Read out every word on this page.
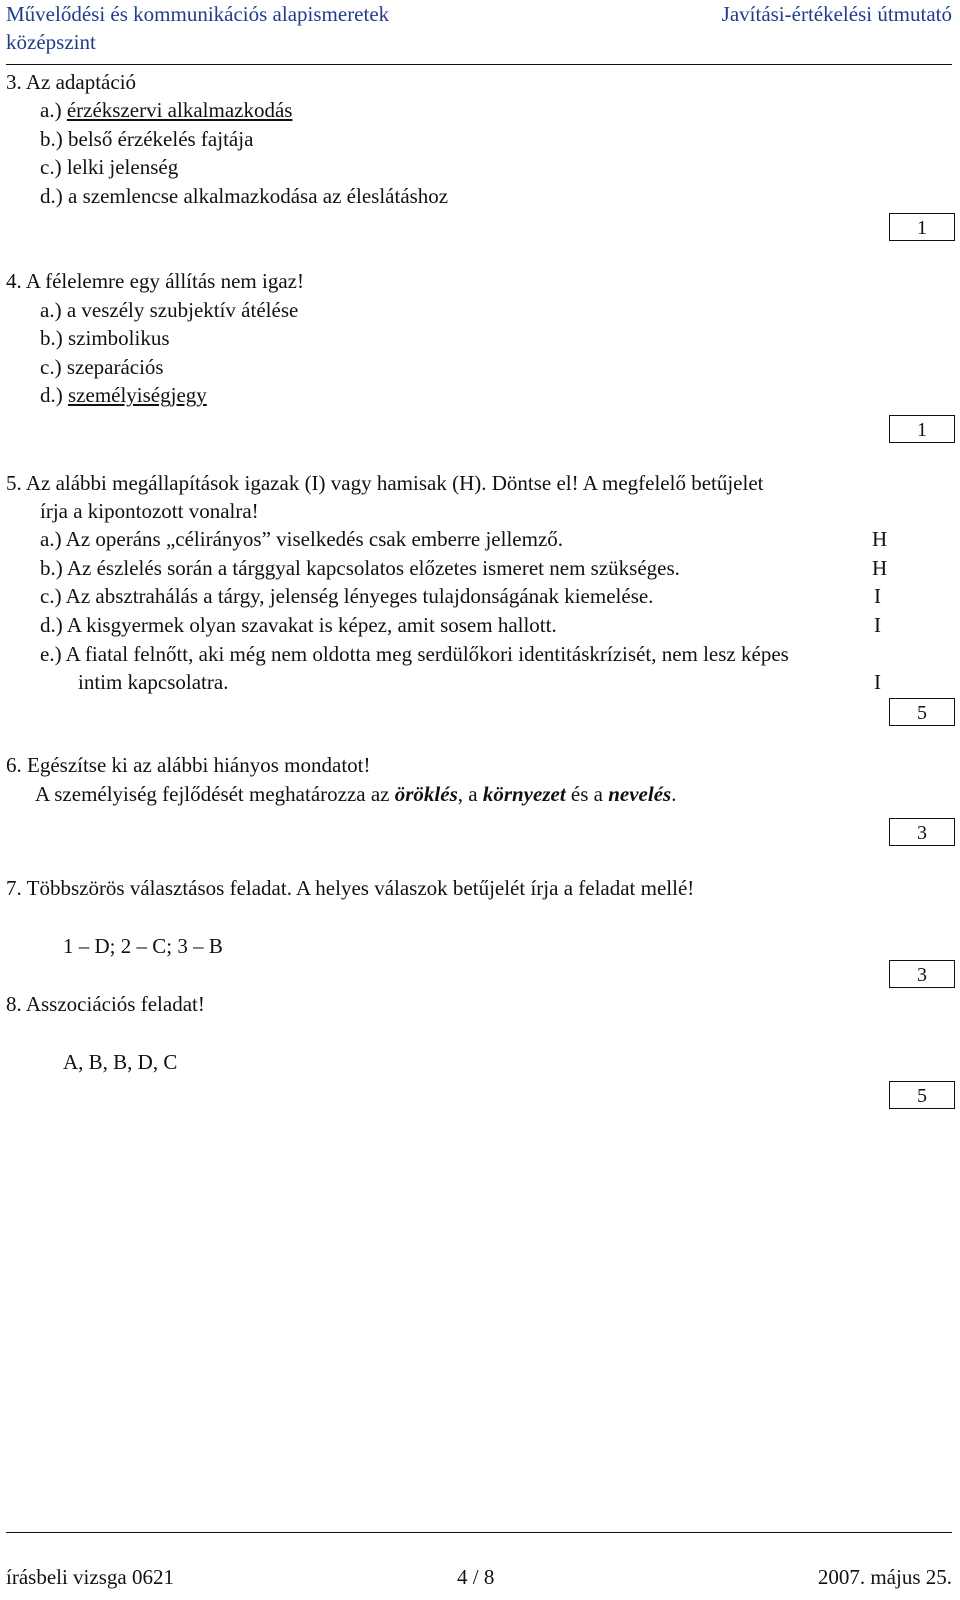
Művelődési és kommunikációs alapismeretek
középszint
Javítási-értékelési útmutató
3. Az adaptáció
a.) érzékszervi alkalmazkodás
b.) belső érzékelés fajtája
c.) lelki jelenség
d.) a szemlencse alkalmazkodása az éleslátáshoz
1
4. A félelemre egy állítás nem igaz!
a.) a veszély szubjektív átélése
b.) szimbolikus
c.) szeparációs
d.) személyiségjegy
1
5. Az alábbi megállapítások igazak (I) vagy hamisak (H). Döntse el! A megfelelő betűjelet
írja a kipontozott vonalra!
a.) Az operáns „célirányos” viselkedés csak emberre jellemző.	H
b.) Az észlelés során a tárggyal kapcsolatos előzetes ismeret nem szükséges.	H
c.) Az absztrahálás a tárgy, jelenség lényeges tulajdonságának kiemelése.	I
d.) A kisgyermek olyan szavakat is képez, amit sosem hallott.	I
e.) A fiatal felnőtt, aki még nem oldotta meg serdülőkori identitáskrízisét, nem lesz képes
intim kapcsolatra.	I
5
6. Egészítse ki az alábbi hiányos mondatot!
A személyiség fejlődését meghatározza az öröklés, a környezet és a nevelés.
3
7. Többszörös választásos feladat. A helyes válaszok betűjelét írja a feladat mellé!
1 – D; 2 – C; 3 – B
3
8. Asszociációs feladat!
A, B, B, D, C
5
írásbeli vizsga 0621	4 / 8	2007. május 25.
